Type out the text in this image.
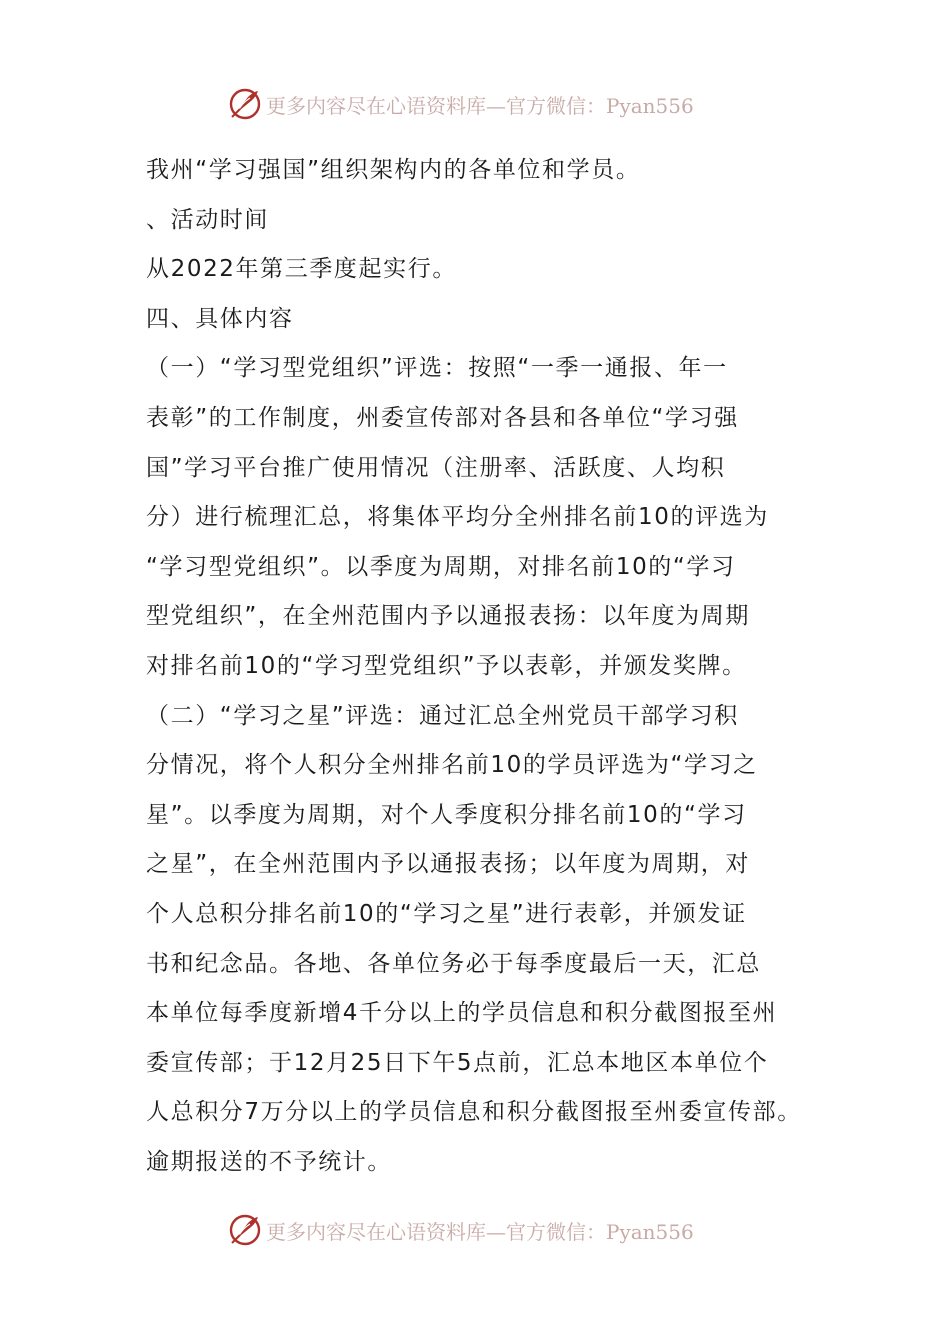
更多内容尽在心语资料库—官方微信：Pyan556
我州“学习强国”组织架构内的各单位和学员。
、活动时间
从2022年第三季度起实行。
四、具体内容
（一）“学习型党组织”评选：按照“一季一通报、年一
表彰”的工作制度，州委宣传部对各县和各单位“学习强
国”学习平台推广使用情况（注册率、活跃度、人均积
分）进行梳理汇总，将集体平均分全州排名前10的评选为
“学习型党组织”。以季度为周期，对排名前10的“学习
型党组织”，在全州范围内予以通报表扬：以年度为周期
对排名前10的“学习型党组织”予以表彰，并颁发奖牌。
（二）“学习之星”评选：通过汇总全州党员干部学习积
分情况，将个人积分全州排名前10的学员评选为“学习之
星”。以季度为周期，对个人季度积分排名前10的“学习
之星”，在全州范围内予以通报表扬；以年度为周期，对
个人总积分排名前10的“学习之星”进行表彰，并颁发证
书和纪念品。各地、各单位务必于每季度最后一天，汇总
本单位每季度新增4千分以上的学员信息和积分截图报至州
委宣传部；于12月25日下午5点前，汇总本地区本单位个
人总积分7万分以上的学员信息和积分截图报至州委宣传部。
逾期报送的不予统计。
更多内容尽在心语资料库—官方微信：Pyan556
